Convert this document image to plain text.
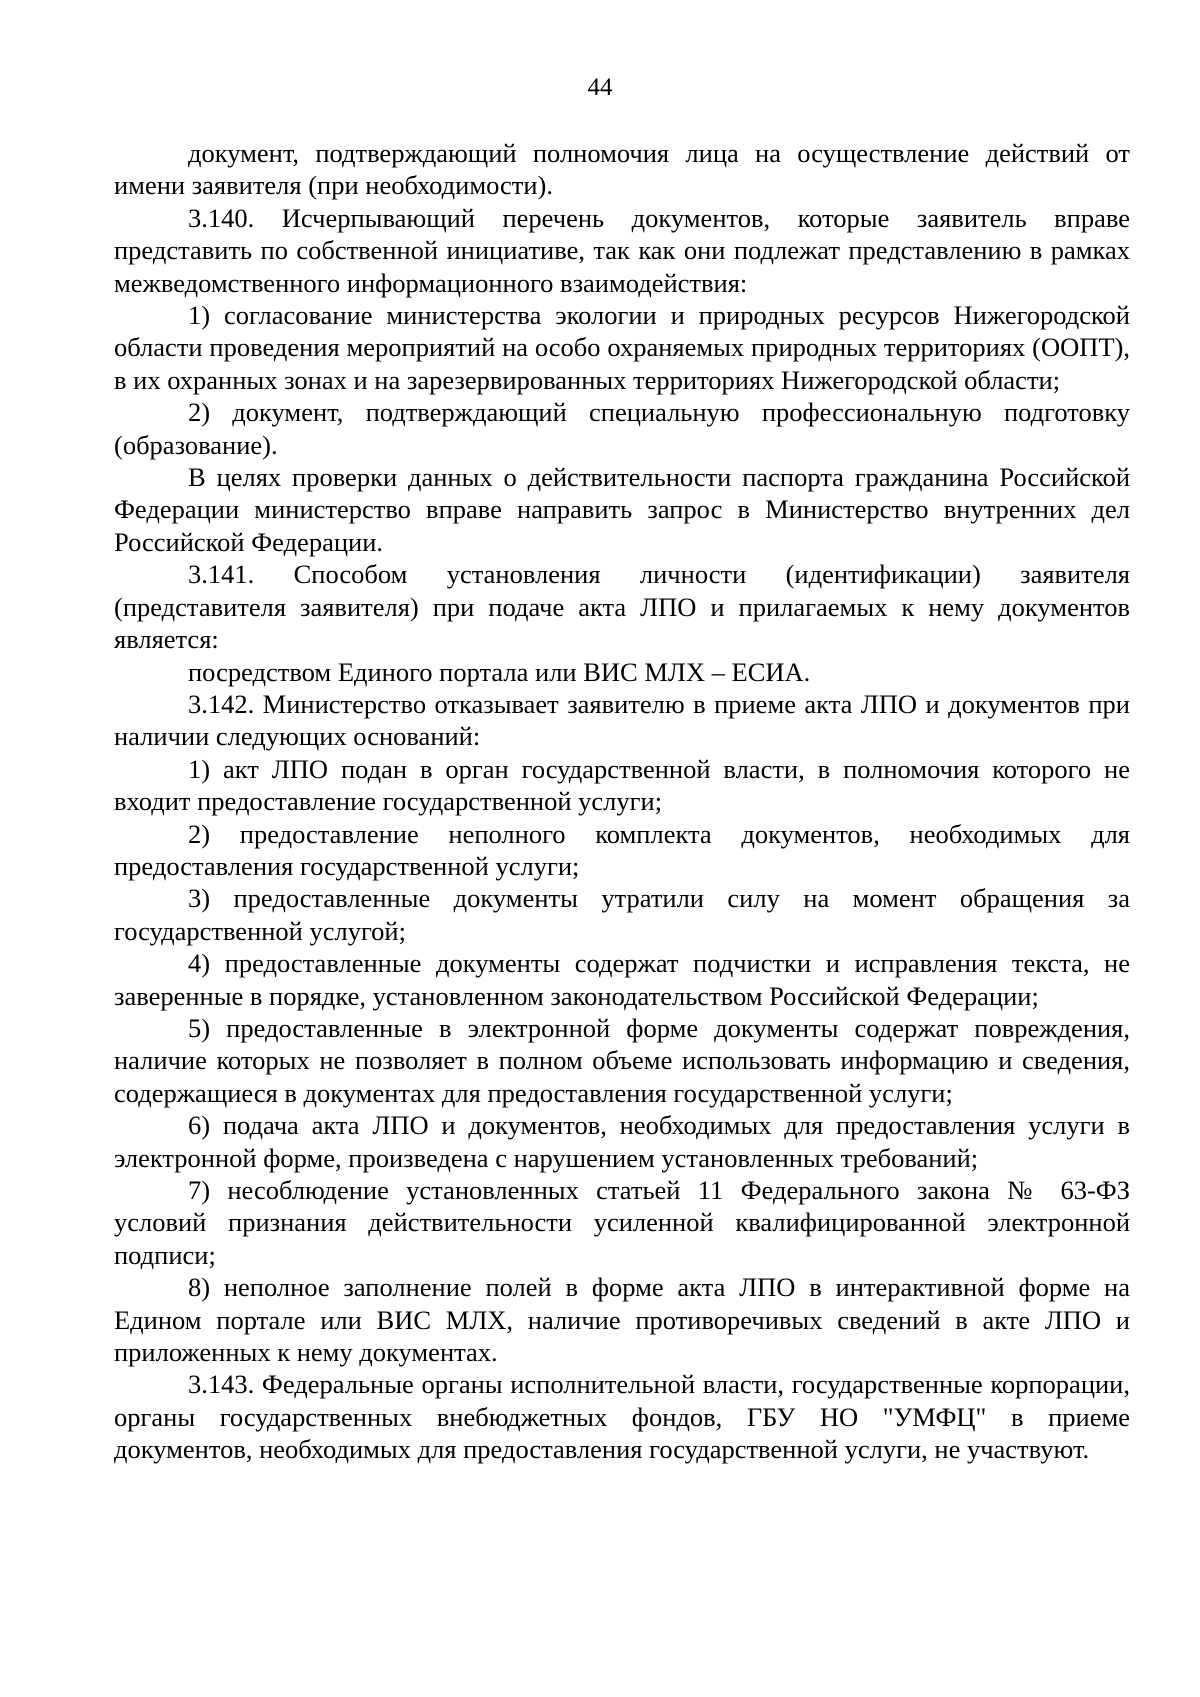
44

документ, подтверждающий полномочия лица на осуществление действий от имени заявителя (при необходимости).

3.140. Исчерпывающий перечень документов, которые заявитель вправе представить по собственной инициативе, так как они подлежат представлению в рамках межведомственного информационного взаимодействия:

1) согласование министерства экологии и природных ресурсов Нижегородской области проведения мероприятий на особо охраняемых природных территориях (ООПТ), в их охранных зонах и на зарезервированных территориях Нижегородской области;

2) документ, подтверждающий специальную профессиональную подготовку (образование).

В целях проверки данных о действительности паспорта гражданина Российской Федерации министерство вправе направить запрос в Министерство внутренних дел Российской Федерации.

3.141. Способом установления личности (идентификации) заявителя (представителя заявителя) при подаче акта ЛПО и прилагаемых к нему документов является:

посредством Единого портала или ВИС МЛХ – ЕСИА.

3.142. Министерство отказывает заявителю в приеме акта ЛПО и документов при наличии следующих оснований:

1) акт ЛПО подан в орган государственной власти, в полномочия которого не входит предоставление государственной услуги;

2) предоставление неполного комплекта документов, необходимых для предоставления государственной услуги;

3) предоставленные документы утратили силу на момент обращения за государственной услугой;

4) предоставленные документы содержат подчистки и исправления текста, не заверенные в порядке, установленном законодательством Российской Федерации;

5) предоставленные в электронной форме документы содержат повреждения, наличие которых не позволяет в полном объеме использовать информацию и сведения, содержащиеся в документах для предоставления государственной услуги;

6) подача акта ЛПО и документов, необходимых для предоставления услуги в электронной форме, произведена с нарушением установленных требований;

7) несоблюдение установленных статьей 11 Федерального закона № 63-ФЗ условий признания действительности усиленной квалифицированной электронной подписи;

8) неполное заполнение полей в форме акта ЛПО в интерактивной форме на Едином портале или ВИС МЛХ, наличие противоречивых сведений в акте ЛПО и приложенных к нему документах.

3.143. Федеральные органы исполнительной власти, государственные корпорации, органы государственных внебюджетных фондов, ГБУ НО "УМФЦ" в приеме документов, необходимых для предоставления государственной услуги, не участвуют.
